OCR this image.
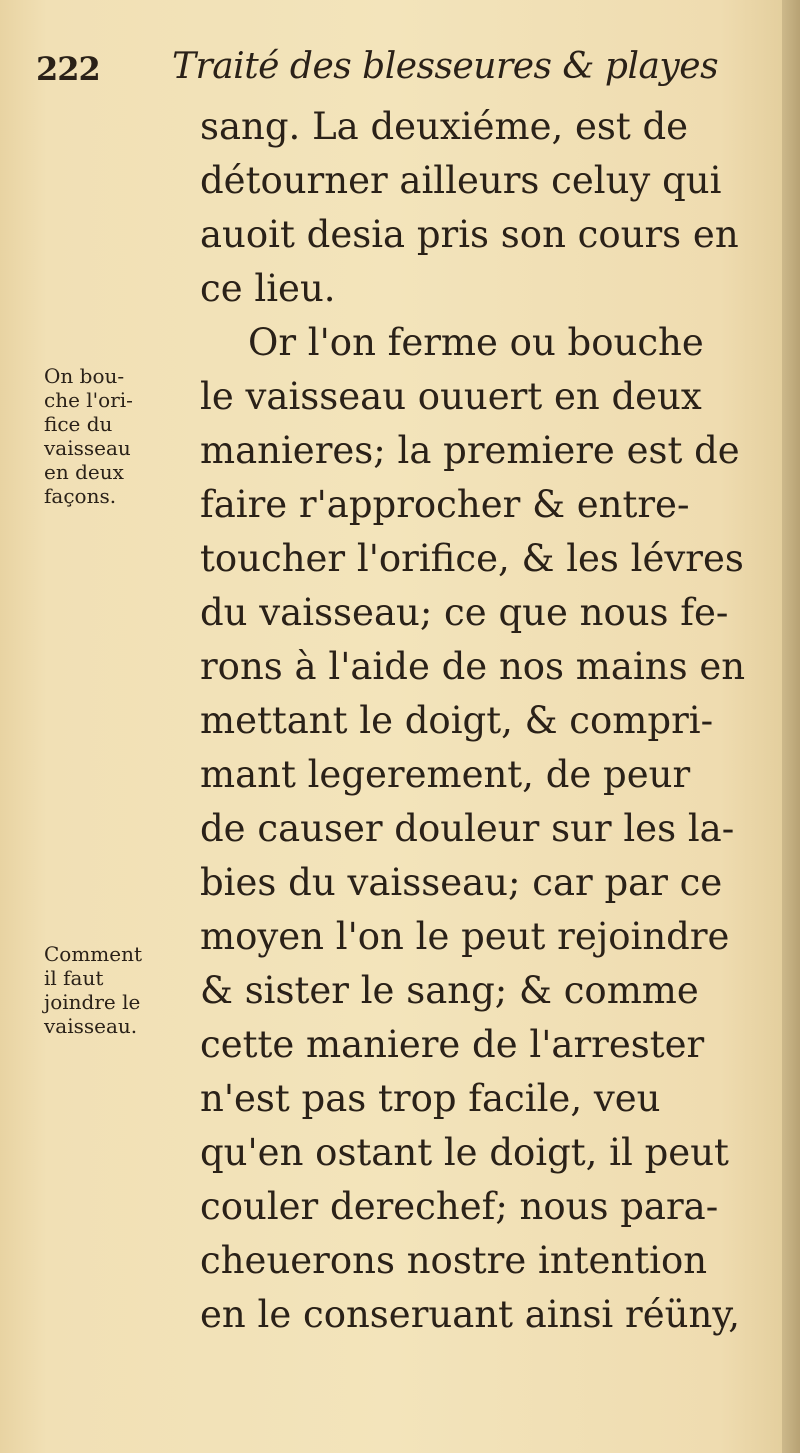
222 Traité des blesseures & playes
sang. La deuxiéme, est de
détourner ailleurs celuy qui
auoit desia pris son cours en
ce lieu.
Or l'on ferme ou bouche
le vaisseau ouuert en deux
manieres; la premiere est de
faire r'approcher & entre-
toucher l'orifice, & les lévres
du vaisseau; ce que nous fe-
rons à l'aide de nos mains en
mettant le doigt, & compri-
mant legerement, de peur
de causer douleur sur les la-
bies du vaisseau; car par ce
moyen l'on le peut rejoindre
& sister le sang; & comme
cette maniere de l'arrester
n'est pas trop facile, veu
qu'en ostant le doigt, il peut
couler derechef; nous para-
cheuerons nostre intention
en le conseruant ainsi réüny,
On bou-
che l'ori-
fice du
vaisseau
en deux
façons.
Comment
il faut
joindre le
vaisseau.
